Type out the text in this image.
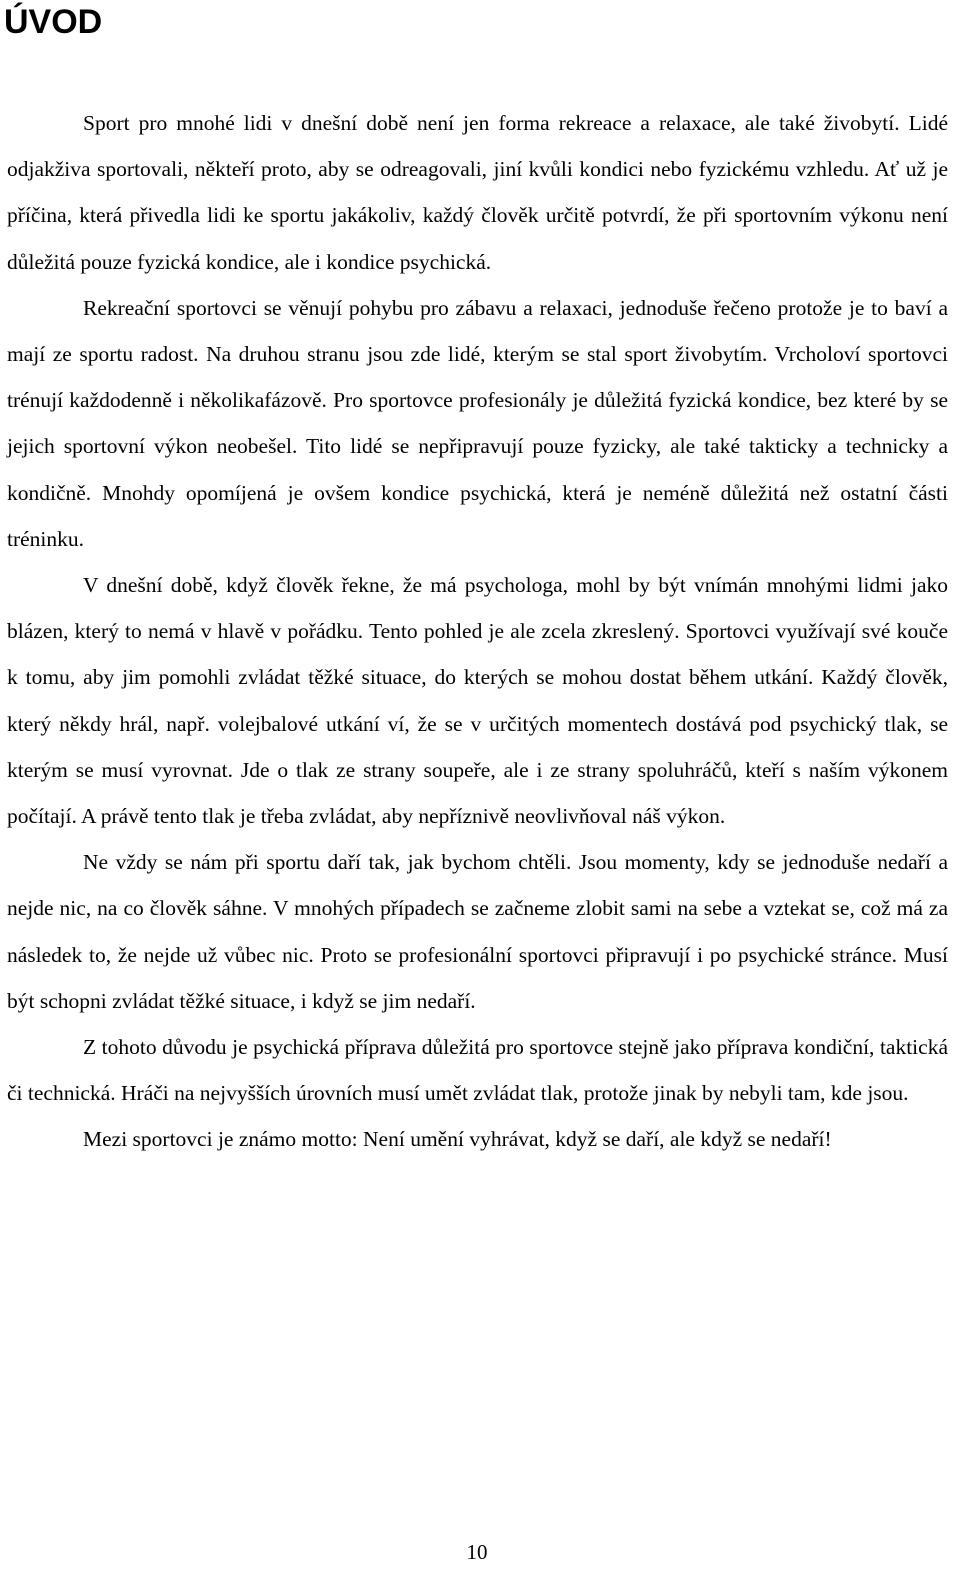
ÚVOD

Sport pro mnohé lidi v dnešní době není jen forma rekreace a relaxace, ale také živobytí. Lidé odjakživa sportovali, někteří proto, aby se odreagovali, jiní kvůli kondici nebo fyzickému vzhledu. Ať už je příčina, která přivedla lidi ke sportu jakákoliv, každý člověk určitě potvrdí, že při sportovním výkonu není důležitá pouze fyzická kondice, ale i kondice psychická.

Rekreační sportovci se věnují pohybu pro zábavu a relaxaci, jednoduše řečeno protože je to baví a mají ze sportu radost. Na druhou stranu jsou zde lidé, kterým se stal sport živobytím. Vrcholoví sportovci trénují každodenně i několikafázově. Pro sportovce profesionály je důležitá fyzická kondice, bez které by se jejich sportovní výkon neobešel. Tito lidé se nepřipravují pouze fyzicky, ale také takticky a technicky a kondičně. Mnohdy opomíjená je ovšem kondice psychická, která je neméně důležitá než ostatní části tréninku.

V dnešní době, když člověk řekne, že má psychologa, mohl by být vnímán mnohými lidmi jako blázen, který to nemá v hlavě v pořádku. Tento pohled je ale zcela zkreslený. Sportovci využívají své kouče k tomu, aby jim pomohli zvládat těžké situace, do kterých se mohou dostat během utkání. Každý člověk, který někdy hrál, např. volejbalové utkání ví, že se v určitých momentech dostává pod psychický tlak, se kterým se musí vyrovnat. Jde o tlak ze strany soupeře, ale i ze strany spoluhráčů, kteří s naším výkonem počítají. A právě tento tlak je třeba zvládat, aby nepříznivě neovlivňoval náš výkon.

Ne vždy se nám při sportu daří tak, jak bychom chtěli. Jsou momenty, kdy se jednoduše nedaří a nejde nic, na co člověk sáhne. V mnohých případech se začneme zlobit sami na sebe a vztekat se, což má za následek to, že nejde už vůbec nic. Proto se profesionální sportovci připravují i po psychické stránce. Musí být schopni zvládat těžké situace, i když se jim nedaří.

Z tohoto důvodu je psychická příprava důležitá pro sportovce stejně jako příprava kondiční, taktická či technická. Hráči na nejvyšších úrovních musí umět zvládat tlak, protože jinak by nebyli tam, kde jsou.

Mezi sportovci je známo motto: Není umění vyhrávat, když se daří, ale když se nedaří!

10
